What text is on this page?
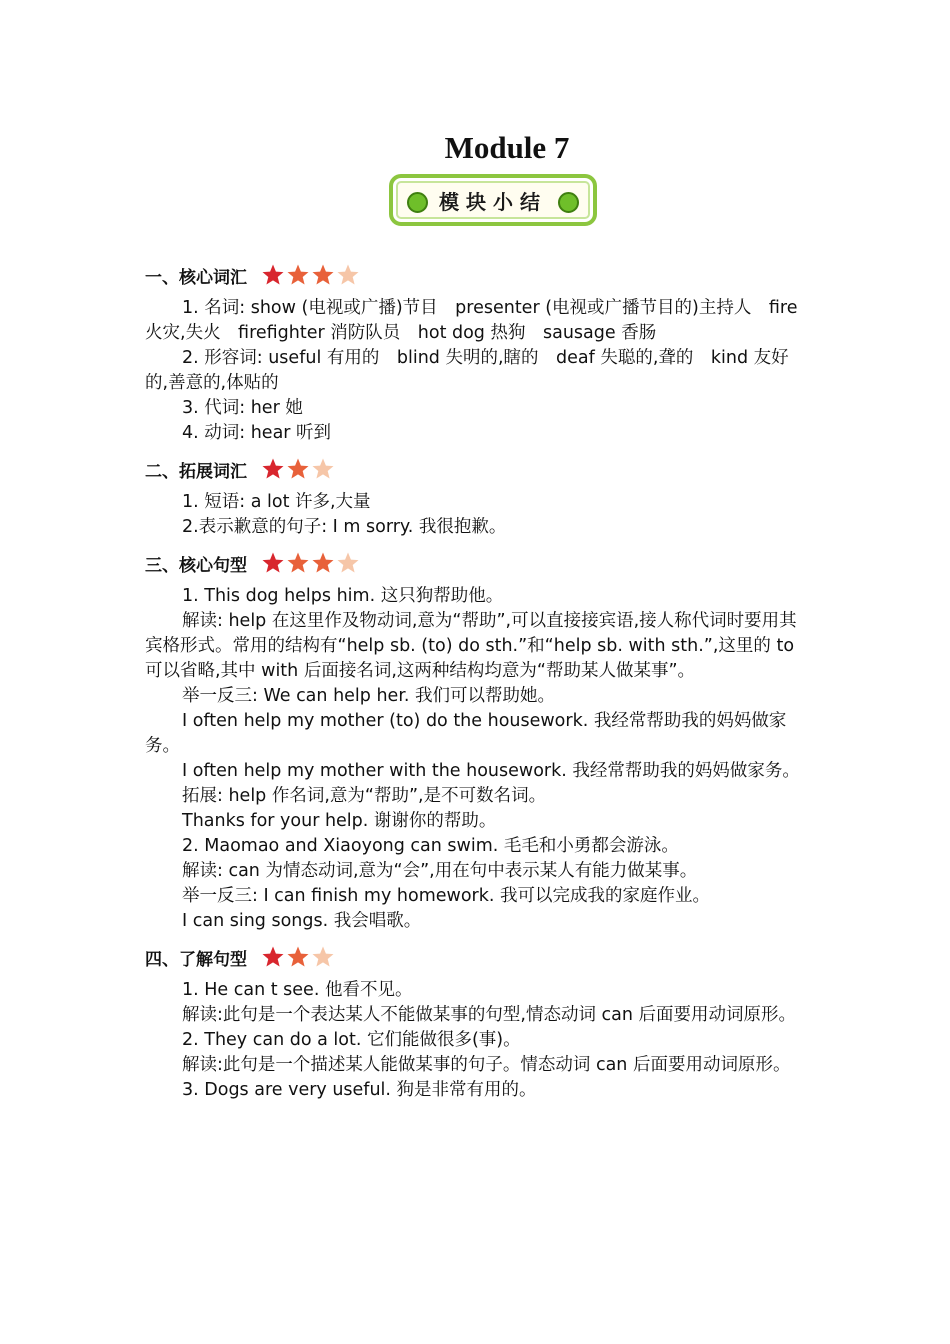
Module 7
模块小结
一、核心词汇
1. 名词: show (电视或广播)节目　presenter (电视或广播节目的)主持人　fire 火灾,失火　firefighter 消防队员　hot dog 热狗　sausage 香肠
2. 形容词: useful 有用的　blind 失明的,瞎的　deaf 失聪的,聋的　kind 友好的,善意的,体贴的
3. 代词: her 她
4. 动词: hear 听到
二、拓展词汇
1. 短语: a lot 许多,大量
2.表示歉意的句子: I m sorry. 我很抱歉。
三、核心句型
1. This dog helps him. 这只狗帮助他。
解读: help 在这里作及物动词,意为“帮助”,可以直接接宾语,接人称代词时要用其宾格形式。常用的结构有“help sb. (to) do sth.”和“help sb. with sth.”,这里的 to 可以省略,其中 with 后面接名词,这两种结构均意为“帮助某人做某事”。
举一反三: We can help her. 我们可以帮助她。
I often help my mother (to) do the housework. 我经常帮助我的妈妈做家务。
I often help my mother with the housework. 我经常帮助我的妈妈做家务。
拓展: help 作名词,意为“帮助”,是不可数名词。
Thanks for your help. 谢谢你的帮助。
2. Maomao and Xiaoyong can swim. 毛毛和小勇都会游泳。
解读: can 为情态动词,意为“会”,用在句中表示某人有能力做某事。
举一反三: I can finish my homework. 我可以完成我的家庭作业。
I can sing songs. 我会唱歌。
四、了解句型
1. He can t see. 他看不见。
解读:此句是一个表达某人不能做某事的句型,情态动词 can 后面要用动词原形。
2. They can do a lot. 它们能做很多(事)。
解读:此句是一个描述某人能做某事的句子。情态动词 can 后面要用动词原形。
3. Dogs are very useful. 狗是非常有用的。
